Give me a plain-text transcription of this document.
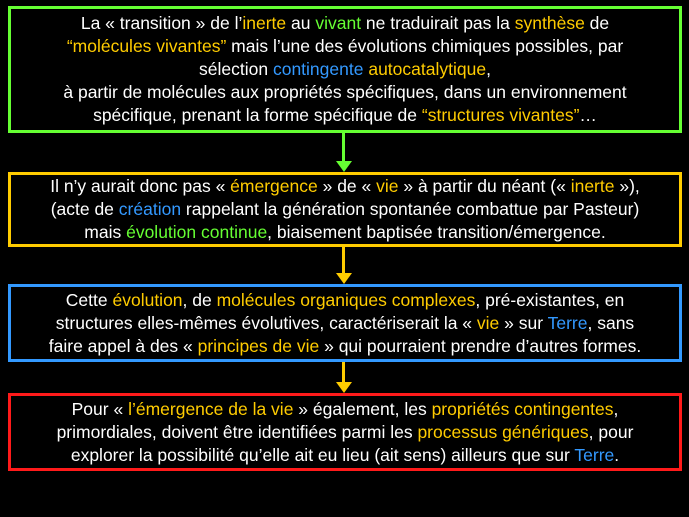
La « transition » de l’inerte au vivant ne traduirait pas la synthèse de
“molécules vivantes” mais l’une des évolutions chimiques possibles, par
sélection contingente autocatalytique,
à partir de molécules aux propriétés spécifiques, dans un environnement
spécifique, prenant la forme spécifique de “structures vivantes”…

Il n’y aurait donc pas « émergence » de « vie » à partir du néant (« inerte »),
(acte de création rappelant la génération spontanée combattue par Pasteur)
mais évolution continue, biaisement baptisée transition/émergence.

Cette évolution, de molécules organiques complexes, pré-existantes, en
structures elles-mêmes évolutives, caractériserait la « vie » sur Terre, sans
faire appel à des « principes de vie » qui pourraient prendre d’autres formes.

Pour « l’émergence de la vie » également, les propriétés contingentes,
primordiales, doivent être identifiées parmi les processus génériques, pour
explorer la possibilité qu’elle ait eu lieu (ait sens) ailleurs que sur Terre.
